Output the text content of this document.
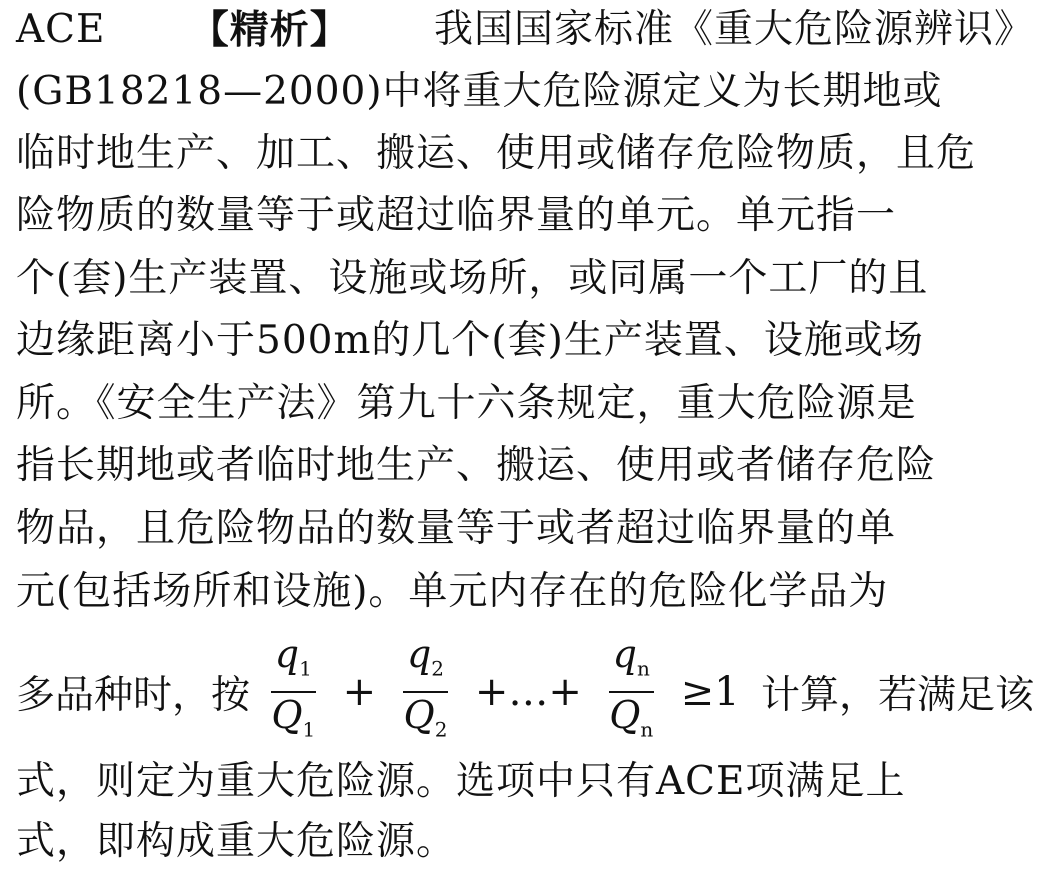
ACE 【精析】 我国国家标准《重大危险源辨识》
(GB18218—2000)中将重大危险源定义为长期地或
临时地生产、加工、搬运、使用或储存危险物质，且危
险物质的数量等于或超过临界量的单元。单元指一
个(套)生产装置、设施或场所，或同属一个工厂的且
边缘距离小于500m的几个(套)生产装置、设施或场
所。《安全生产法》第九十六条规定，重大危险源是
指长期地或者临时地生产、搬运、使用或者储存危险
物品，且危险物品的数量等于或者超过临界量的单
元(包括场所和设施)。单元内存在的危险化学品为
多品种时，按 $\frac{q_1}{Q_1} + \frac{q_2}{Q_2}$ +…+ $\frac{q_n}{Q_n} \ge 1$ 计算，若满足该
式，则定为重大危险源。选项中只有ACE项满足上
式，即构成重大危险源。
